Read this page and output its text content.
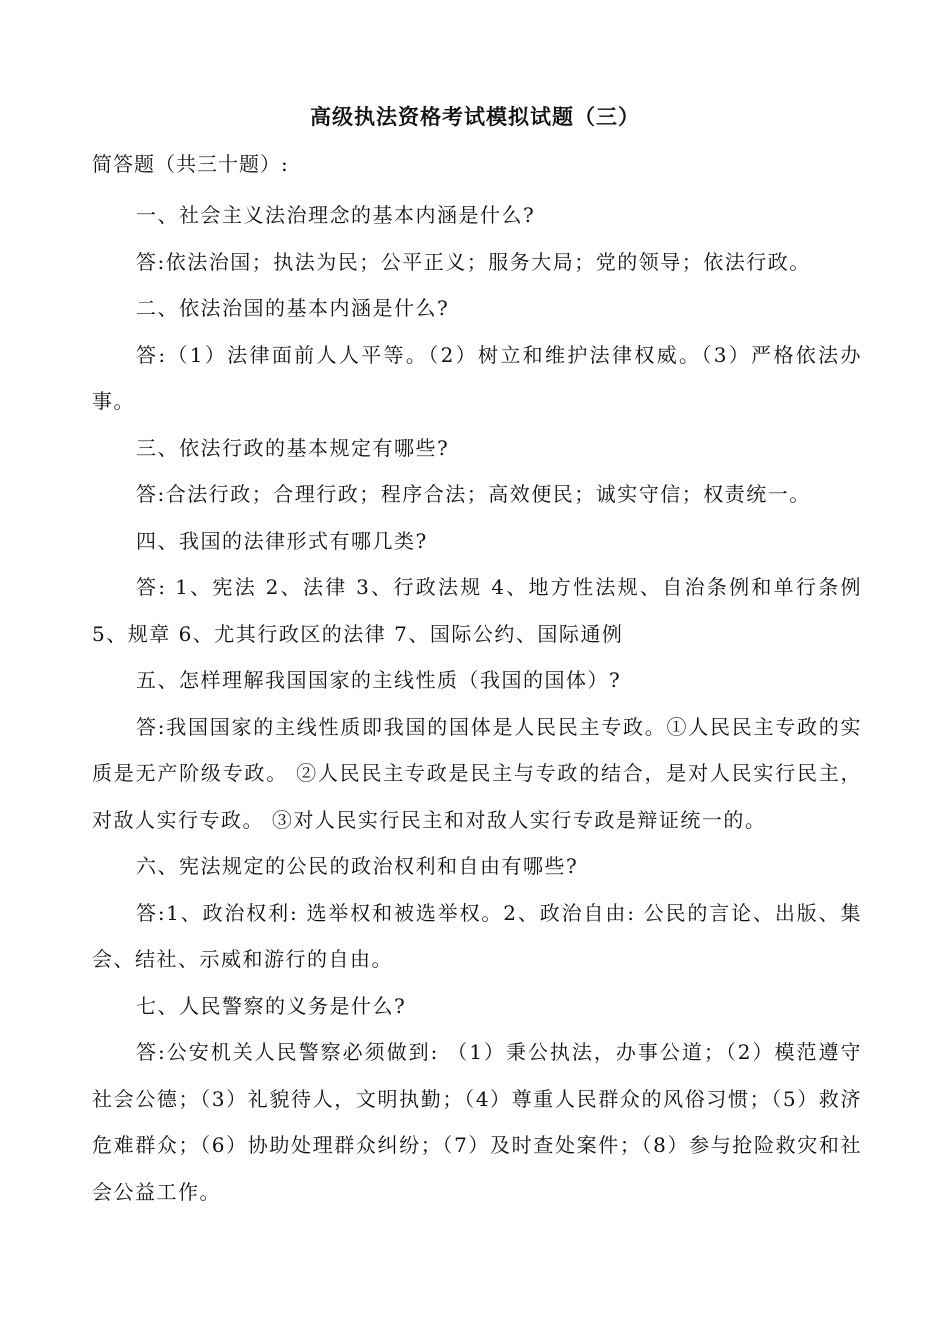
高级执法资格考试模拟试题（三）
简答题（共三十题）:

一、社会主义法治理念的基本内涵是什么?

答:依法治国；执法为民；公平正义；服务大局；党的领导；依法行政。

二、依法治国的基本内涵是什么?

答:（1）法律面前人人平等。（2）树立和维护法律权威。（3）严格依法办事。

三、依法行政的基本规定有哪些?

答:合法行政；合理行政；程序合法；高效便民；诚实守信；权责统一。

四、我国的法律形式有哪几类?

答: 1、宪法 2、法律 3、行政法规 4、地方性法规、自治条例和单行条例 5、规章 6、尤其行政区的法律 7、国际公约、国际通例

五、怎样理解我国国家的主线性质（我国的国体）?

答:我国国家的主线性质即我国的国体是人民民主专政。①人民民主专政的实质是无产阶级专政。 ②人民民主专政是民主与专政的结合，是对人民实行民主，对敌人实行专政。 ③对人民实行民主和对敌人实行专政是辩证统一的。

六、宪法规定的公民的政治权利和自由有哪些?

答:1、政治权利: 选举权和被选举权。2、政治自由: 公民的言论、出版、集会、结社、示威和游行的自由。

七、人民警察的义务是什么?

答:公安机关人民警察必须做到: （1）秉公执法，办事公道；（2）模范遵守社会公德；（3）礼貌待人，文明执勤；（4）尊重人民群众的风俗习惯；（5）救济危难群众；（6）协助处理群众纠纷；（7）及时查处案件；（8）参与抢险救灾和社会公益工作。
